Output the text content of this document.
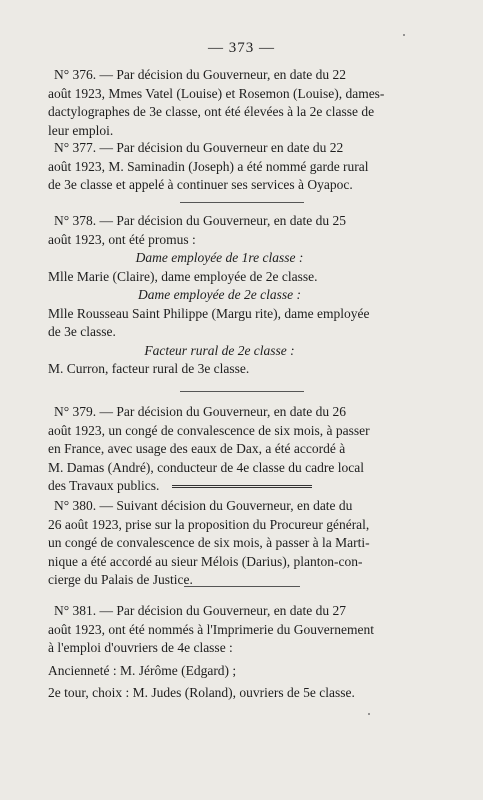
— 373 —

N° 376. — Par décision du Gouverneur, en date du 22

août 1923, Mmes Vatel (Louise) et Rosemon (Louise), dames-

dactylographes de 3e classe, ont été élevées à la 2e classe de

leur emploi.

N° 377. — Par décision du Gouverneur en date du 22

août 1923, M. Saminadin (Joseph) a été nommé garde rural

de 3e classe et appelé à continuer ses services à Oyapoc.

N° 378. — Par décision du Gouverneur, en date du 25

août 1923, ont été promus :

Dame employée de 1re classe :

Mlle Marie (Claire), dame employée de 2e classe.

Dame employée de 2e classe :

Mlle Rousseau Saint Philippe (Margu rite), dame employée

de 3e classe.

Facteur rural de 2e classe :

M. Curron, facteur rural de 3e classe.

N° 379. — Par décision du Gouverneur, en date du 26

août 1923, un congé de convalescence de six mois, à passer

en France, avec usage des eaux de Dax, a été accordé à

M. Damas (André), conducteur de 4e classe du cadre local

des Travaux publics.

N° 380. — Suivant décision du Gouverneur, en date du

26 août 1923, prise sur la proposition du Procureur général,

un congé de convalescence de six mois, à passer à la Marti-

nique a été accordé au sieur Mélois (Darius), planton-con-

cierge du Palais de Justice.

N° 381. — Par décision du Gouverneur, en date du 27

août 1923, ont été nommés à l'Imprimerie du Gouvernement

à l'emploi d'ouvriers de 4e classe :

Ancienneté : M. Jérôme (Edgard) ;

2e tour, choix : M. Judes (Roland), ouvriers de 5e classe.
